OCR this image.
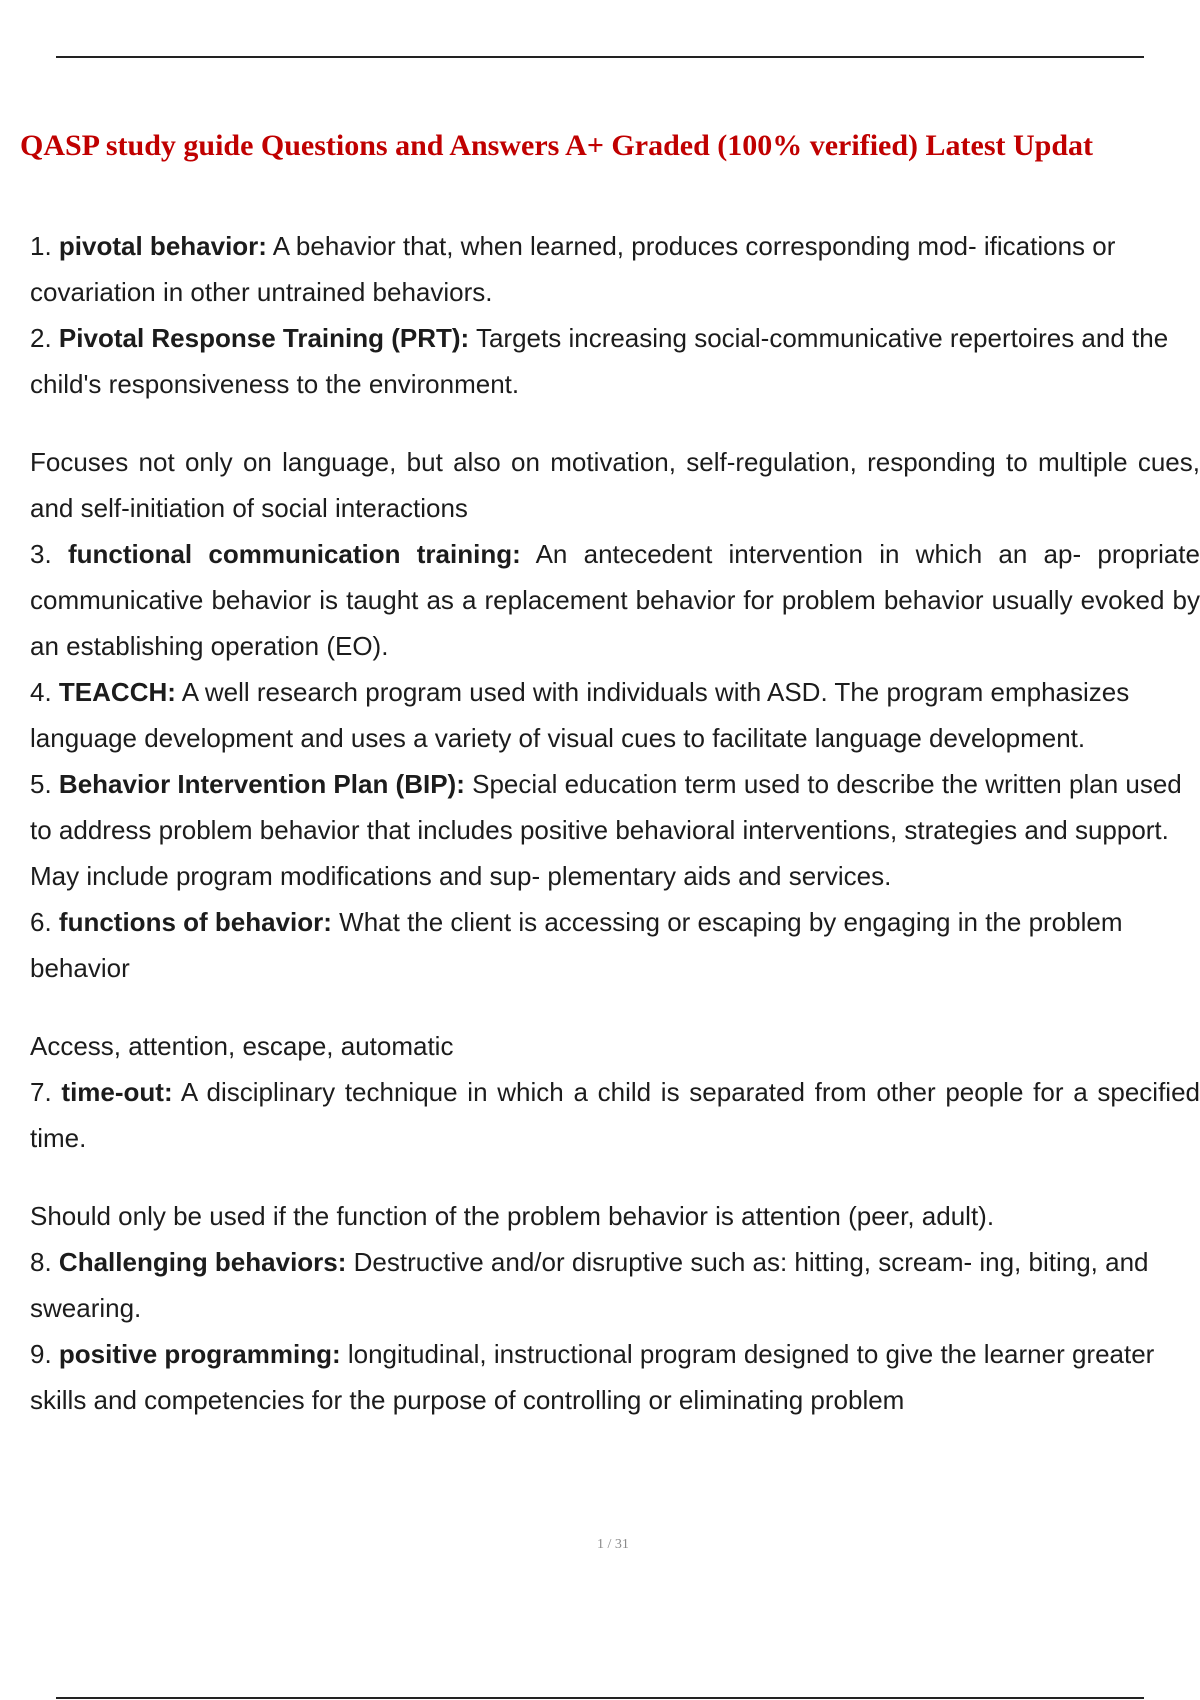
QASP study guide Questions and Answers A+ Graded (100% verified) Latest Updat

1. pivotal behavior: A behavior that, when learned, produces corresponding mod- ifications or covariation in other untrained behaviors.

2. Pivotal Response Training (PRT): Targets increasing social-communicative repertoires and the child's responsiveness to the environment.

Focuses not only on language, but also on motivation, self-regulation, responding to multiple cues, and self-initiation of social interactions

3. functional communication training: An antecedent intervention in which an ap- propriate communicative behavior is taught as a replacement behavior for problem behavior usually evoked by an establishing operation (EO).

4. TEACCH: A well research program used with individuals with ASD. The program emphasizes language development and uses a variety of visual cues to facilitate language development.

5. Behavior Intervention Plan (BIP): Special education term used to describe the written plan used to address problem behavior that includes positive behavioral interventions, strategies and support. May include program modifications and sup- plementary aids and services.

6. functions of behavior: What the client is accessing or escaping by engaging in the problem behavior

Access, attention, escape, automatic

7. time-out: A disciplinary technique in which a child is separated from other people for a specified time.

Should only be used if the function of the problem behavior is attention (peer, adult).

8. Challenging behaviors: Destructive and/or disruptive such as: hitting, scream- ing, biting, and swearing.

9. positive programming: longitudinal, instructional program designed to give the learner greater skills and competencies for the purpose of controlling or eliminating problem

1 / 31
